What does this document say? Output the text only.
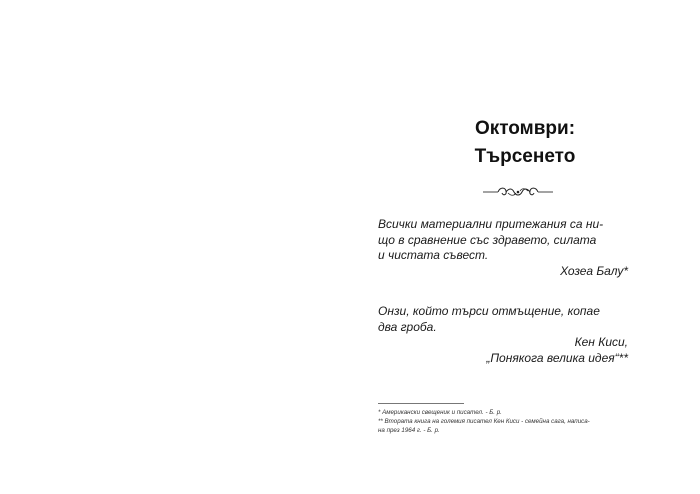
Октомври:
Търсенето
Всички материални притежания са ни-
що в сравнение със здравето, силата
и чистата съвест.
Хозеа Балу*
Онзи, който търси отмъщение, копае
два гроба.
Кен Киси,
„Понякога велика идея“**
* Американски свещеник и писател. - Б. р.
** Втората книга на големия писател Кен Киси - семейна сага, написа-
на през 1964 г. - Б. р.
